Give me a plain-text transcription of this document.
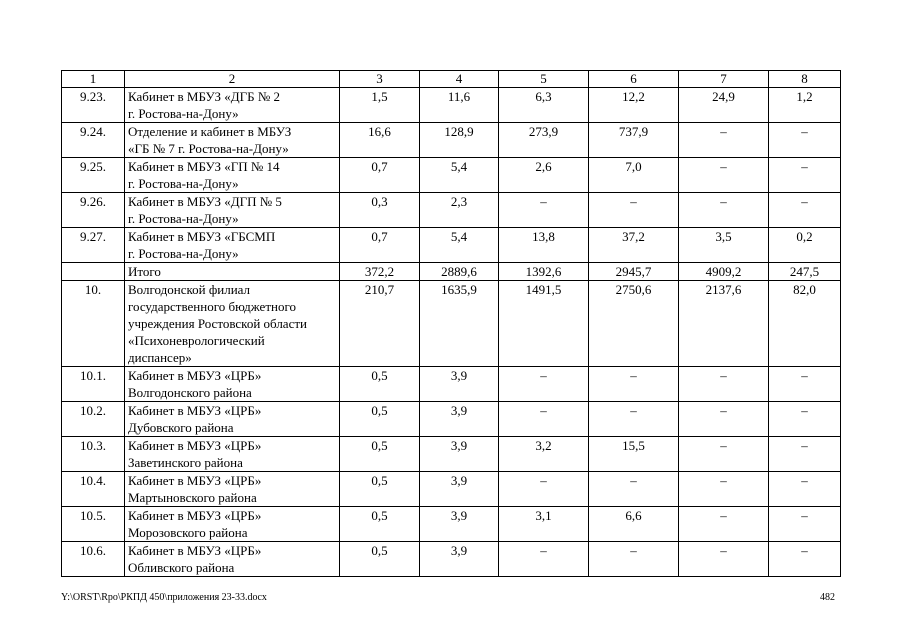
1	2	3	4	5	6	7	8
9.23.	Кабинет в МБУЗ «ДГБ № 2
г. Ростова-на-Дону»	1,5	11,6	6,3	12,2	24,9	1,2
9.24.	Отделение и кабинет в МБУЗ
«ГБ № 7 г. Ростова-на-Дону»	16,6	128,9	273,9	737,9	–	–
9.25.	Кабинет в МБУЗ «ГП № 14
г. Ростова-на-Дону»	0,7	5,4	2,6	7,0	–	–
9.26.	Кабинет в МБУЗ «ДГП № 5
г. Ростова-на-Дону»	0,3	2,3	–	–	–	–
9.27.	Кабинет в МБУЗ «ГБСМП
г. Ростова-на-Дону»	0,7	5,4	13,8	37,2	3,5	0,2

	Итого	372,2	2889,6	1392,6	2945,7	4909,2	247,5
10.	Волгодонской филиал
государственного бюджетного
учреждения Ростовской области
«Психоневрологический
диспансер»	210,7	1635,9	1491,5	2750,6	2137,6	82,0
10.1.	Кабинет в МБУЗ «ЦРБ»
Волгодонского района	0,5	3,9	–	–	–	–
10.2.	Кабинет в МБУЗ «ЦРБ»
Дубовского района	0,5	3,9	–	–	–	–
10.3.	Кабинет в МБУЗ «ЦРБ»
Заветинского района	0,5	3,9	3,2	15,5	–	–
10.4.	Кабинет в МБУЗ «ЦРБ»
Мартыновского района	0,5	3,9	–	–	–	–
10.5.	Кабинет в МБУЗ «ЦРБ»
Морозовского района	0,5	3,9	3,1	6,6	–	–
10.6.	Кабинет в МБУЗ «ЦРБ»
Обливского района	0,5	3,9	–	–	–	–
Y:\ORST\Rpo\РКПД 450\приложения 23-33.docx	482
